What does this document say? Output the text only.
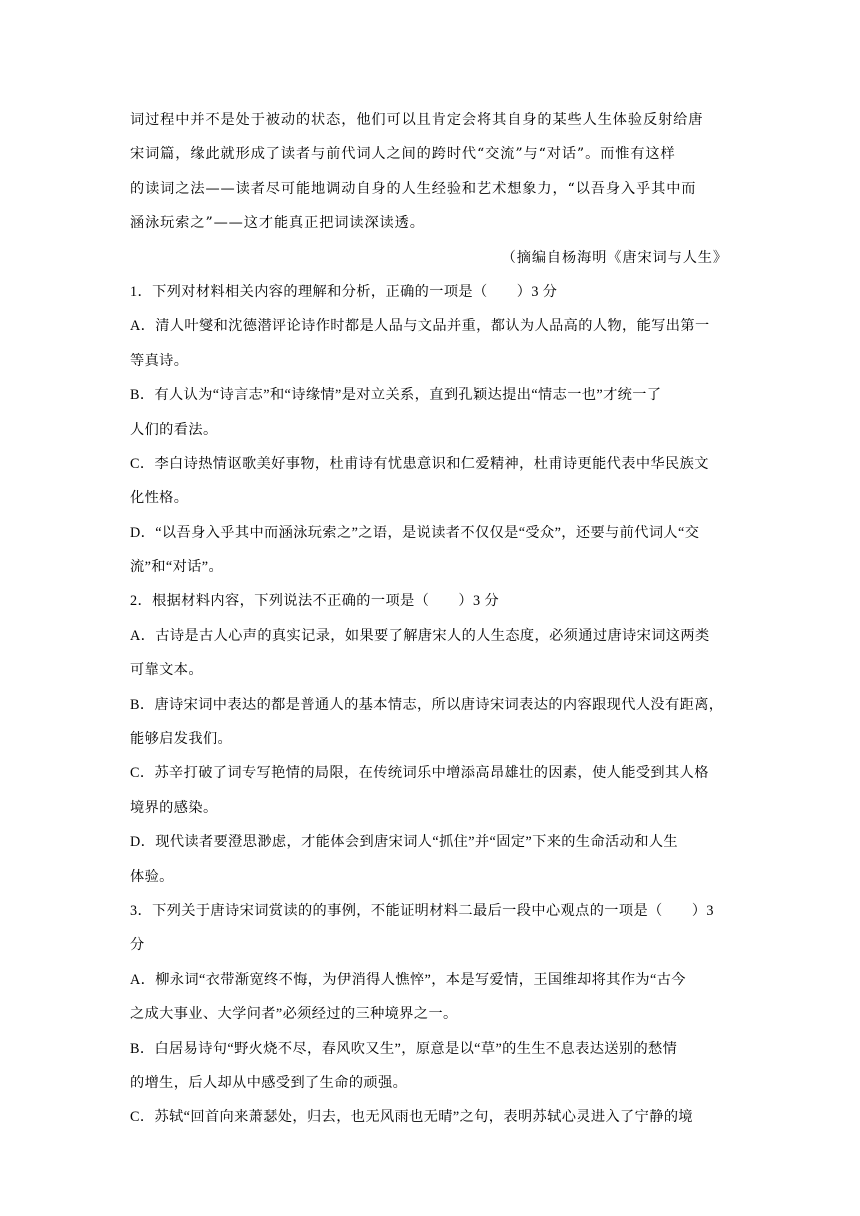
词过程中并不是处于被动的状态，他们可以且肯定会将其自身的某些人生体验反射给唐
宋词篇，缘此就形成了读者与前代词人之间的跨时代“交流”与“对话”。而惟有这样
的读词之法——读者尽可能地调动自身的人生经验和艺术想象力，“以吾身入乎其中而
涵泳玩索之”——这才能真正把词读深读透。
（摘编自杨海明《唐宋词与人生》
1．下列对材料相关内容的理解和分析，正确的一项是（　　）3 分
A．清人叶燮和沈德潜评论诗作时都是人品与文品并重，都认为人品高的人物，能写出第一
等真诗。
B．有人认为“诗言志”和“诗缘情”是对立关系，直到孔颖达提出“情志一也”才统一了
人们的看法。
C．李白诗热情讴歌美好事物，杜甫诗有忧患意识和仁爱精神，杜甫诗更能代表中华民族文
化性格。
D．“以吾身入乎其中而涵泳玩索之”之语，是说读者不仅仅是“受众”，还要与前代词人“交
流”和“对话”。
2．根据材料内容，下列说法不正确的一项是（　　）3 分
A．古诗是古人心声的真实记录，如果要了解唐宋人的人生态度，必须通过唐诗宋词这两类
可靠文本。
B．唐诗宋词中表达的都是普通人的基本情志，所以唐诗宋词表达的内容跟现代人没有距离，
能够启发我们。
C．苏辛打破了词专写艳情的局限，在传统词乐中增添高昂雄壮的因素，使人能受到其人格
境界的感染。
D．现代读者要澄思渺虑，才能体会到唐宋词人“抓住”并“固定”下来的生命活动和人生
体验。
3．下列关于唐诗宋词赏读的的事例，不能证明材料二最后一段中心观点的一项是（　　）3
分
A．柳永词“衣带渐宽终不悔，为伊消得人憔悴”，本是写爱情，王国维却将其作为“古今
之成大事业、大学问者”必须经过的三种境界之一。
B．白居易诗句“野火烧不尽，春风吹又生”，原意是以“草”的生生不息表达送别的愁情
的增生，后人却从中感受到了生命的顽强。
C．苏轼“回首向来萧瑟处，归去，也无风雨也无晴”之句，表明苏轼心灵进入了宁静的境
